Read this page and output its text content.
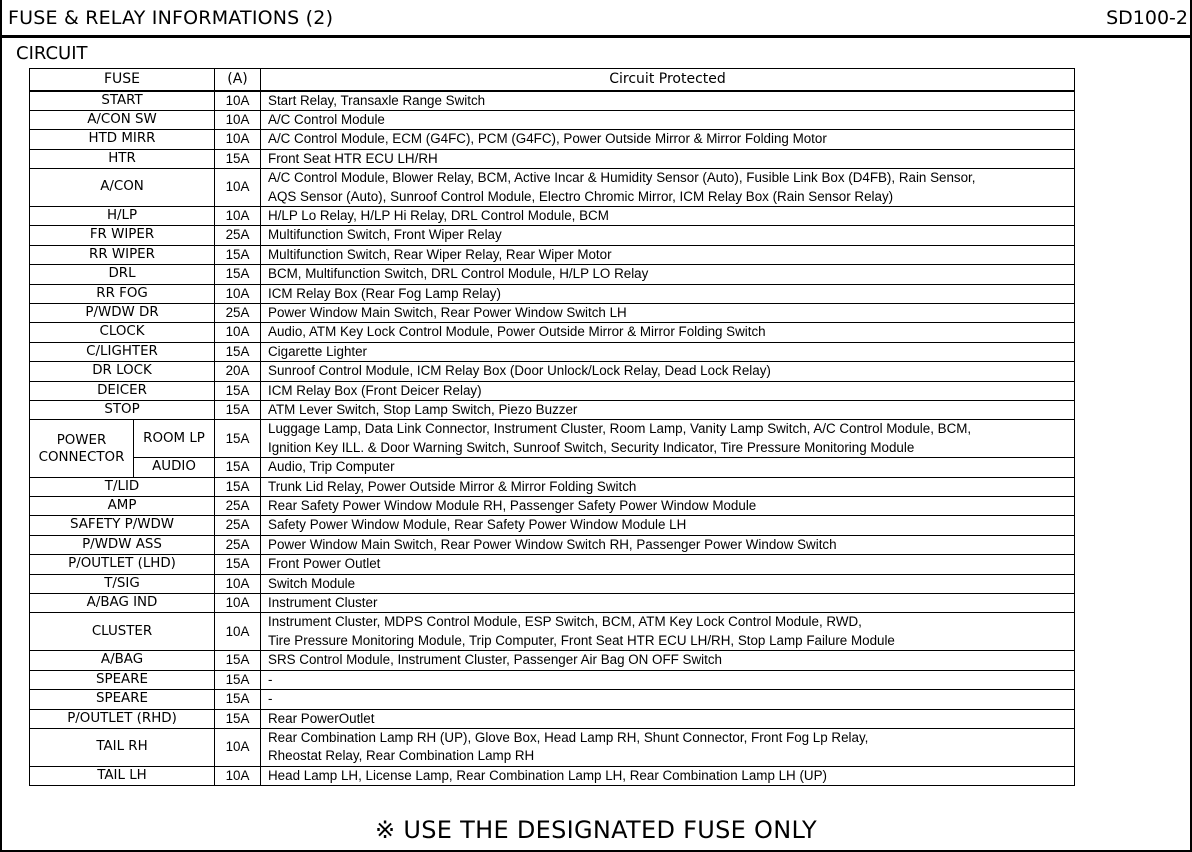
FUSE & RELAY INFORMATIONS (2)	SD100-2
CIRCUIT
FUSE		(A)	Circuit Protected
START		10A	Start Relay, Transaxle Range Switch
A/CON SW		10A	A/C Control Module
HTD MIRR		10A	A/C Control Module, ECM (G4FC), PCM (G4FC), Power Outside Mirror & Mirror Folding Motor
HTR		15A	Front Seat HTR ECU LH/RH
A/CON		10A	A/C Control Module, Blower Relay, BCM, Active Incar & Humidity Sensor (Auto), Fusible Link Box (D4FB), Rain Sensor,
AQS Sensor (Auto), Sunroof Control Module, Electro Chromic Mirror, ICM Relay Box (Rain Sensor Relay)
H/LP		10A	H/LP Lo Relay, H/LP Hi Relay, DRL Control Module, BCM
FR WIPER		25A	Multifunction Switch, Front Wiper Relay
RR WIPER		15A	Multifunction Switch, Rear Wiper Relay, Rear Wiper Motor
DRL		15A	BCM, Multifunction Switch, DRL Control Module, H/LP LO Relay
RR FOG		10A	ICM Relay Box (Rear Fog Lamp Relay)
P/WDW DR		25A	Power Window Main Switch, Rear Power Window Switch LH
CLOCK		10A	Audio, ATM Key Lock Control Module, Power Outside Mirror & Mirror Folding Switch
C/LIGHTER		15A	Cigarette Lighter
DR LOCK		20A	Sunroof Control Module, ICM Relay Box (Door Unlock/Lock Relay, Dead Lock Relay)
DEICER		15A	ICM Relay Box (Front Deicer Relay)
STOP		15A	ATM Lever Switch, Stop Lamp Switch, Piezo Buzzer
POWER
CONNECTOR	ROOM LP	15A	Luggage Lamp, Data Link Connector, Instrument Cluster, Room Lamp, Vanity Lamp Switch, A/C Control Module, BCM,
Ignition Key ILL. & Door Warning Switch, Sunroof Switch, Security Indicator, Tire Pressure Monitoring Module
	AUDIO	15A	Audio, Trip Computer
T/LID		15A	Trunk Lid Relay, Power Outside Mirror & Mirror Folding Switch
AMP		25A	Rear Safety Power Window Module RH, Passenger Safety Power Window Module
SAFETY P/WDW		25A	Safety Power Window Module, Rear Safety Power Window Module LH
P/WDW ASS		25A	Power Window Main Switch, Rear Power Window Switch RH, Passenger Power Window Switch
P/OUTLET (LHD)		15A	Front Power Outlet
T/SIG		10A	Switch Module
A/BAG IND		10A	Instrument Cluster
CLUSTER		10A	Instrument Cluster, MDPS Control Module, ESP Switch, BCM, ATM Key Lock Control Module, RWD,
Tire Pressure Monitoring Module, Trip Computer, Front Seat HTR ECU LH/RH, Stop Lamp Failure Module
A/BAG		15A	SRS Control Module, Instrument Cluster, Passenger Air Bag ON OFF Switch
SPEARE		15A	-
SPEARE		15A	-
P/OUTLET (RHD)		15A	Rear PowerOutlet
TAIL RH		10A	Rear Combination Lamp RH (UP), Glove Box, Head Lamp RH, Shunt Connector, Front Fog Lp Relay,
Rheostat Relay, Rear Combination Lamp RH
TAIL LH		10A	Head Lamp LH, License Lamp, Rear Combination Lamp LH, Rear Combination Lamp LH (UP)
※ USE THE DESIGNATED FUSE ONLY
